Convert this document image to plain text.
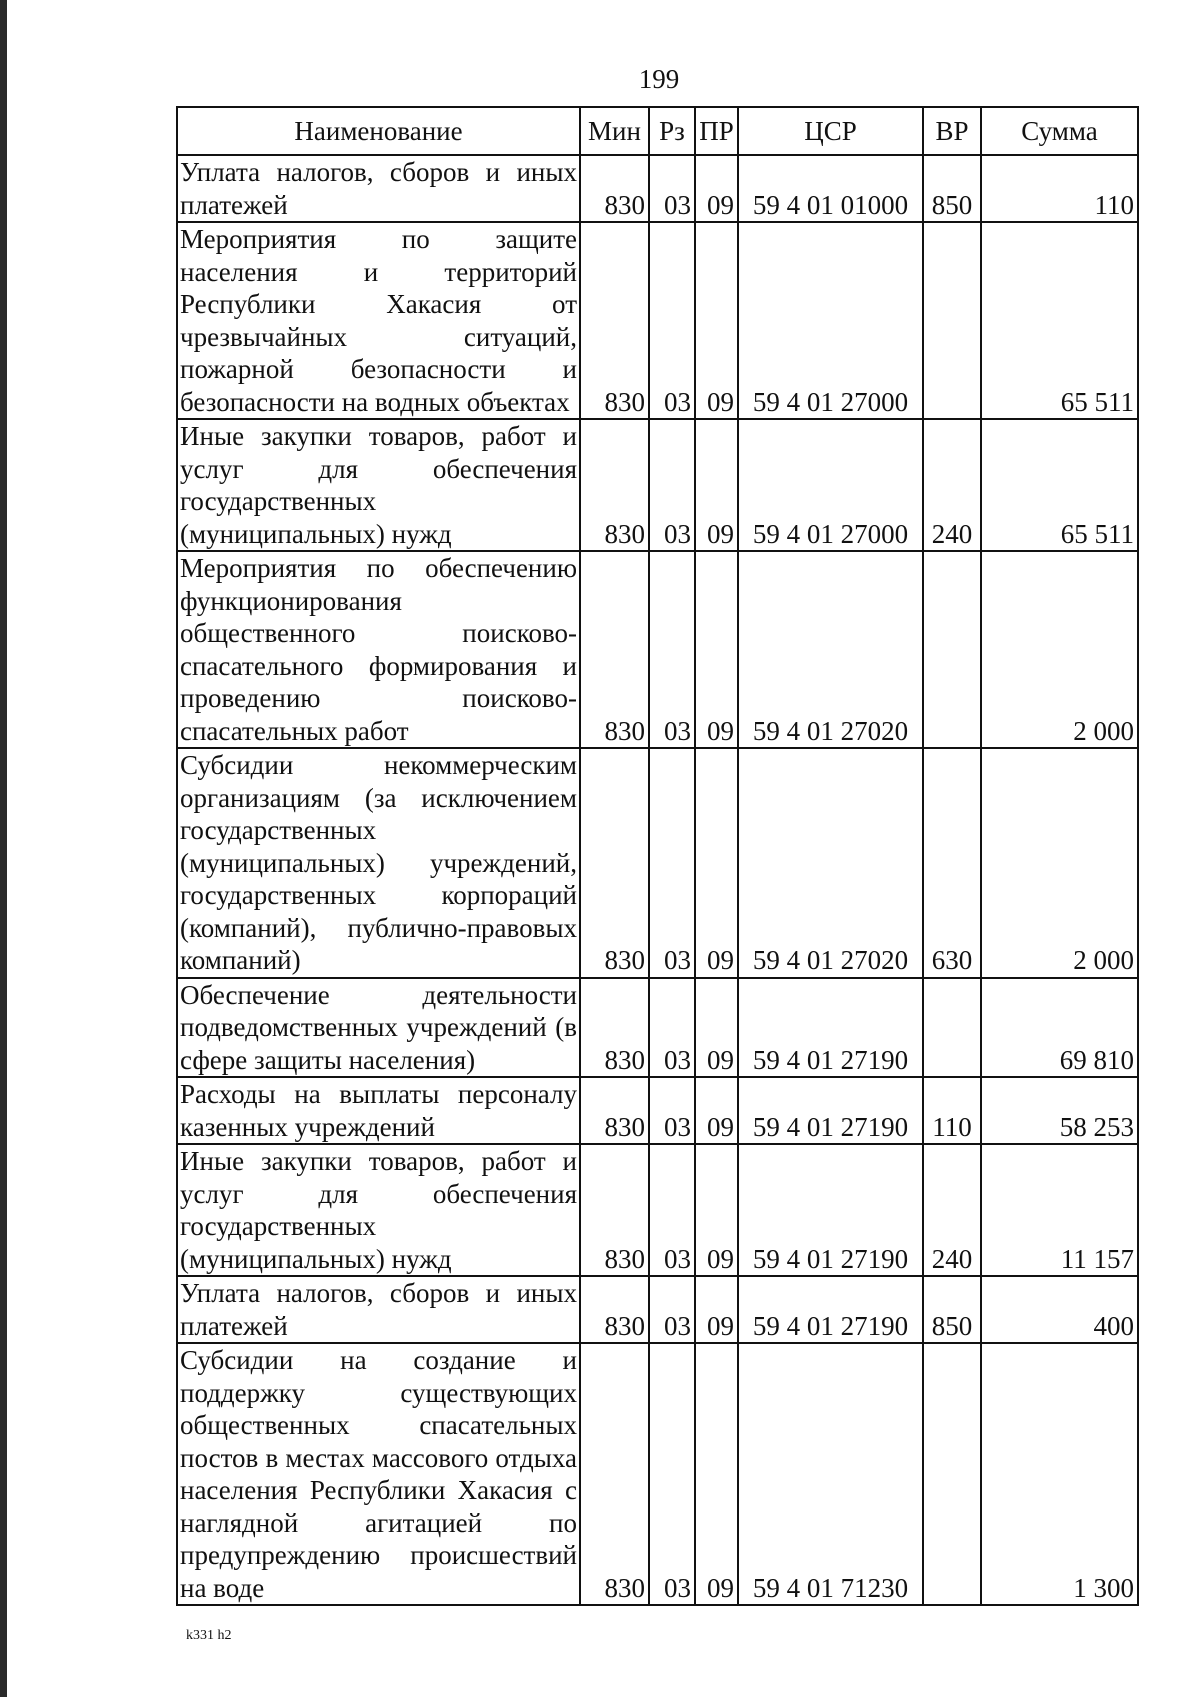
199
Наименование	Мин	Рз	ПР	ЦСР	ВР	Сумма
Уплата налогов, сборов и иных платежей	830	03	09	59 4 01 01000	850	110
Мероприятия по защите населения и территорий Республики Хакасия от чрезвычайных ситуаций, пожарной безопасности и безопасности на водных объектах	830	03	09	59 4 01 27000		65 511
Иные закупки товаров, работ и услуг для обеспечения государственных (муниципальных) нужд	830	03	09	59 4 01 27000	240	65 511
Мероприятия по обеспечению функционирования общественного поисково-спасательного формирования и проведению поисково-спасательных работ	830	03	09	59 4 01 27020		2 000
Субсидии некоммерческим организациям (за исключением государственных (муниципальных) учреждений, государственных корпораций (компаний), публично-правовых компаний)	830	03	09	59 4 01 27020	630	2 000
Обеспечение деятельности подведомственных учреждений (в сфере защиты населения)	830	03	09	59 4 01 27190		69 810
Расходы на выплаты персоналу казенных учреждений	830	03	09	59 4 01 27190	110	58 253
Иные закупки товаров, работ и услуг для обеспечения государственных (муниципальных) нужд	830	03	09	59 4 01 27190	240	11 157
Уплата налогов, сборов и иных платежей	830	03	09	59 4 01 27190	850	400
Субсидии на создание и поддержку существующих общественных спасательных постов в местах массового отдыха населения Республики Хакасия с наглядной агитацией по предупреждению происшествий на воде	830	03	09	59 4 01 71230		1 300
k331 h2
